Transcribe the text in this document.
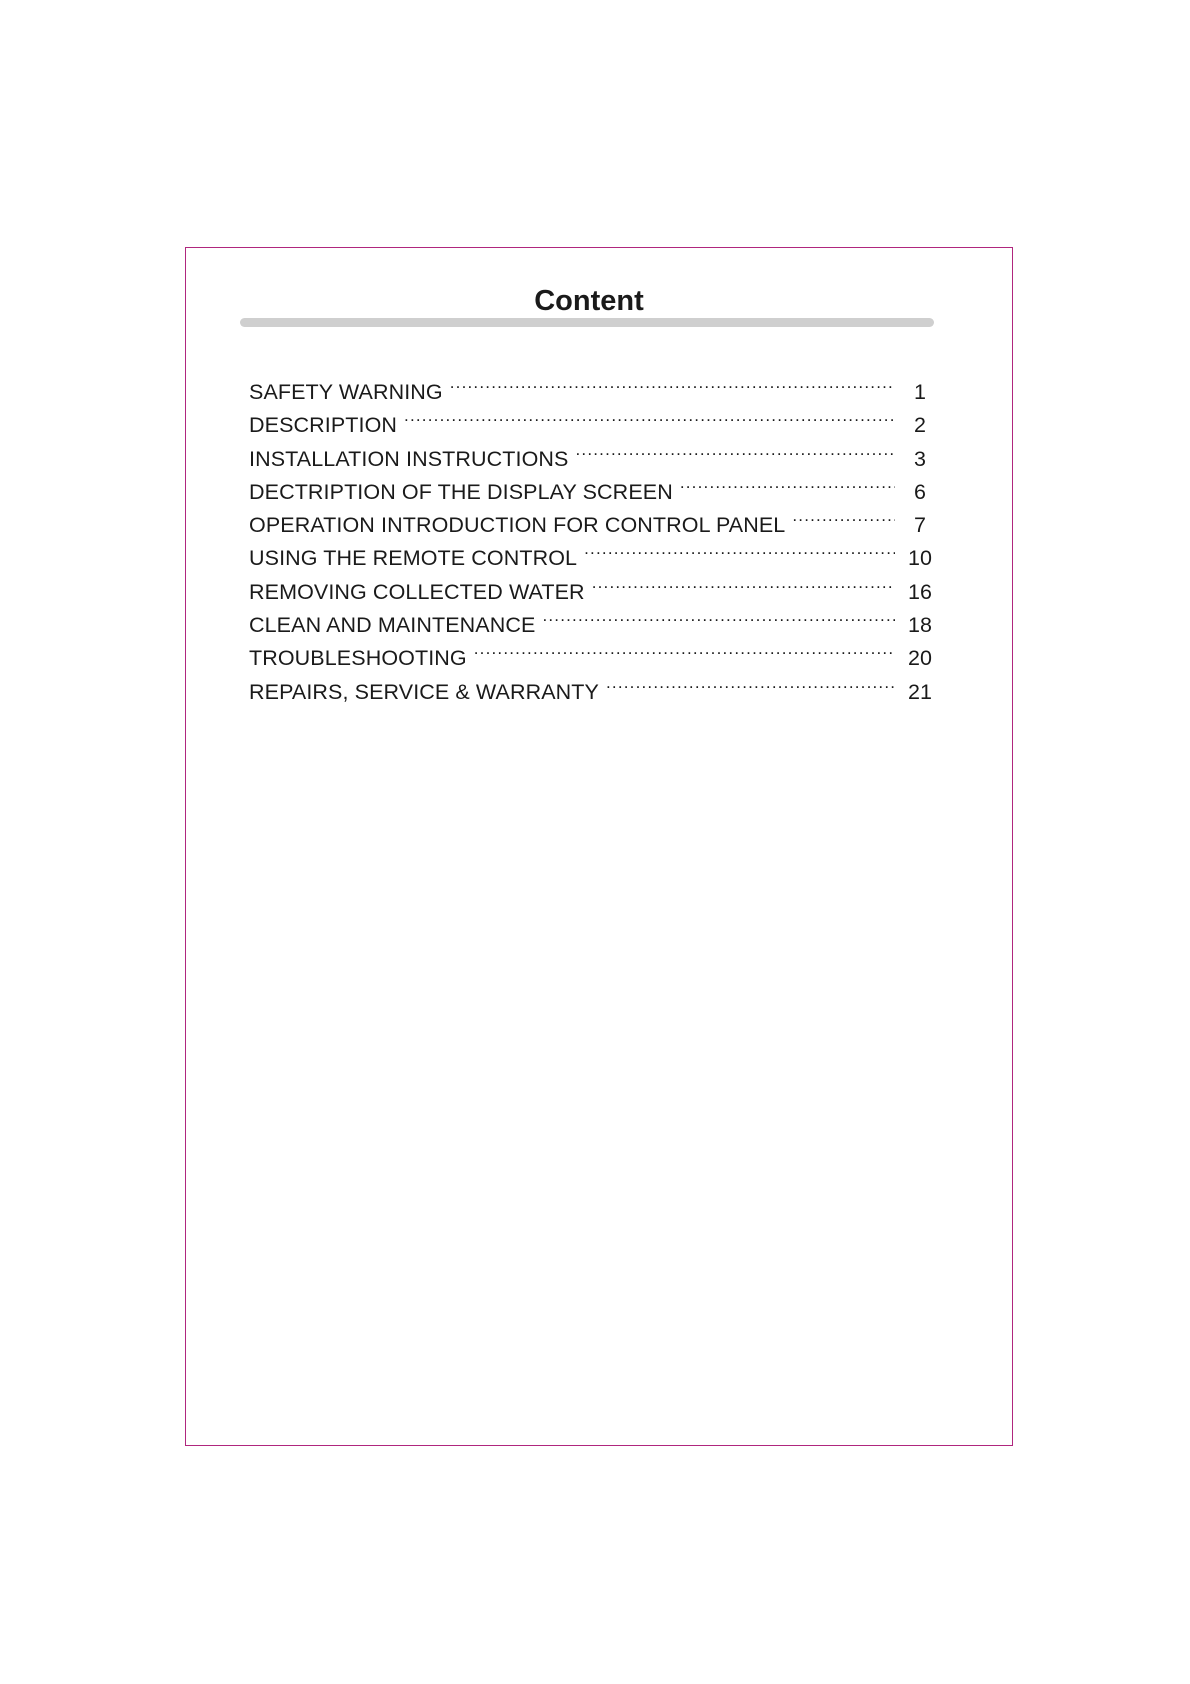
Content
SAFETY WARNING .....	1
DESCRIPTION .....	2
INSTALLATION INSTRUCTIONS .....	3
DECTRIPTION OF THE DISPLAY SCREEN .....	6
OPERATION INTRODUCTION FOR CONTROL PANEL .....	7
USING THE REMOTE CONTROL .....	10
REMOVING COLLECTED WATER .....	16
CLEAN AND MAINTENANCE .....	18
TROUBLESHOOTING .....	20
REPAIRS, SERVICE & WARRANTY .....	21
